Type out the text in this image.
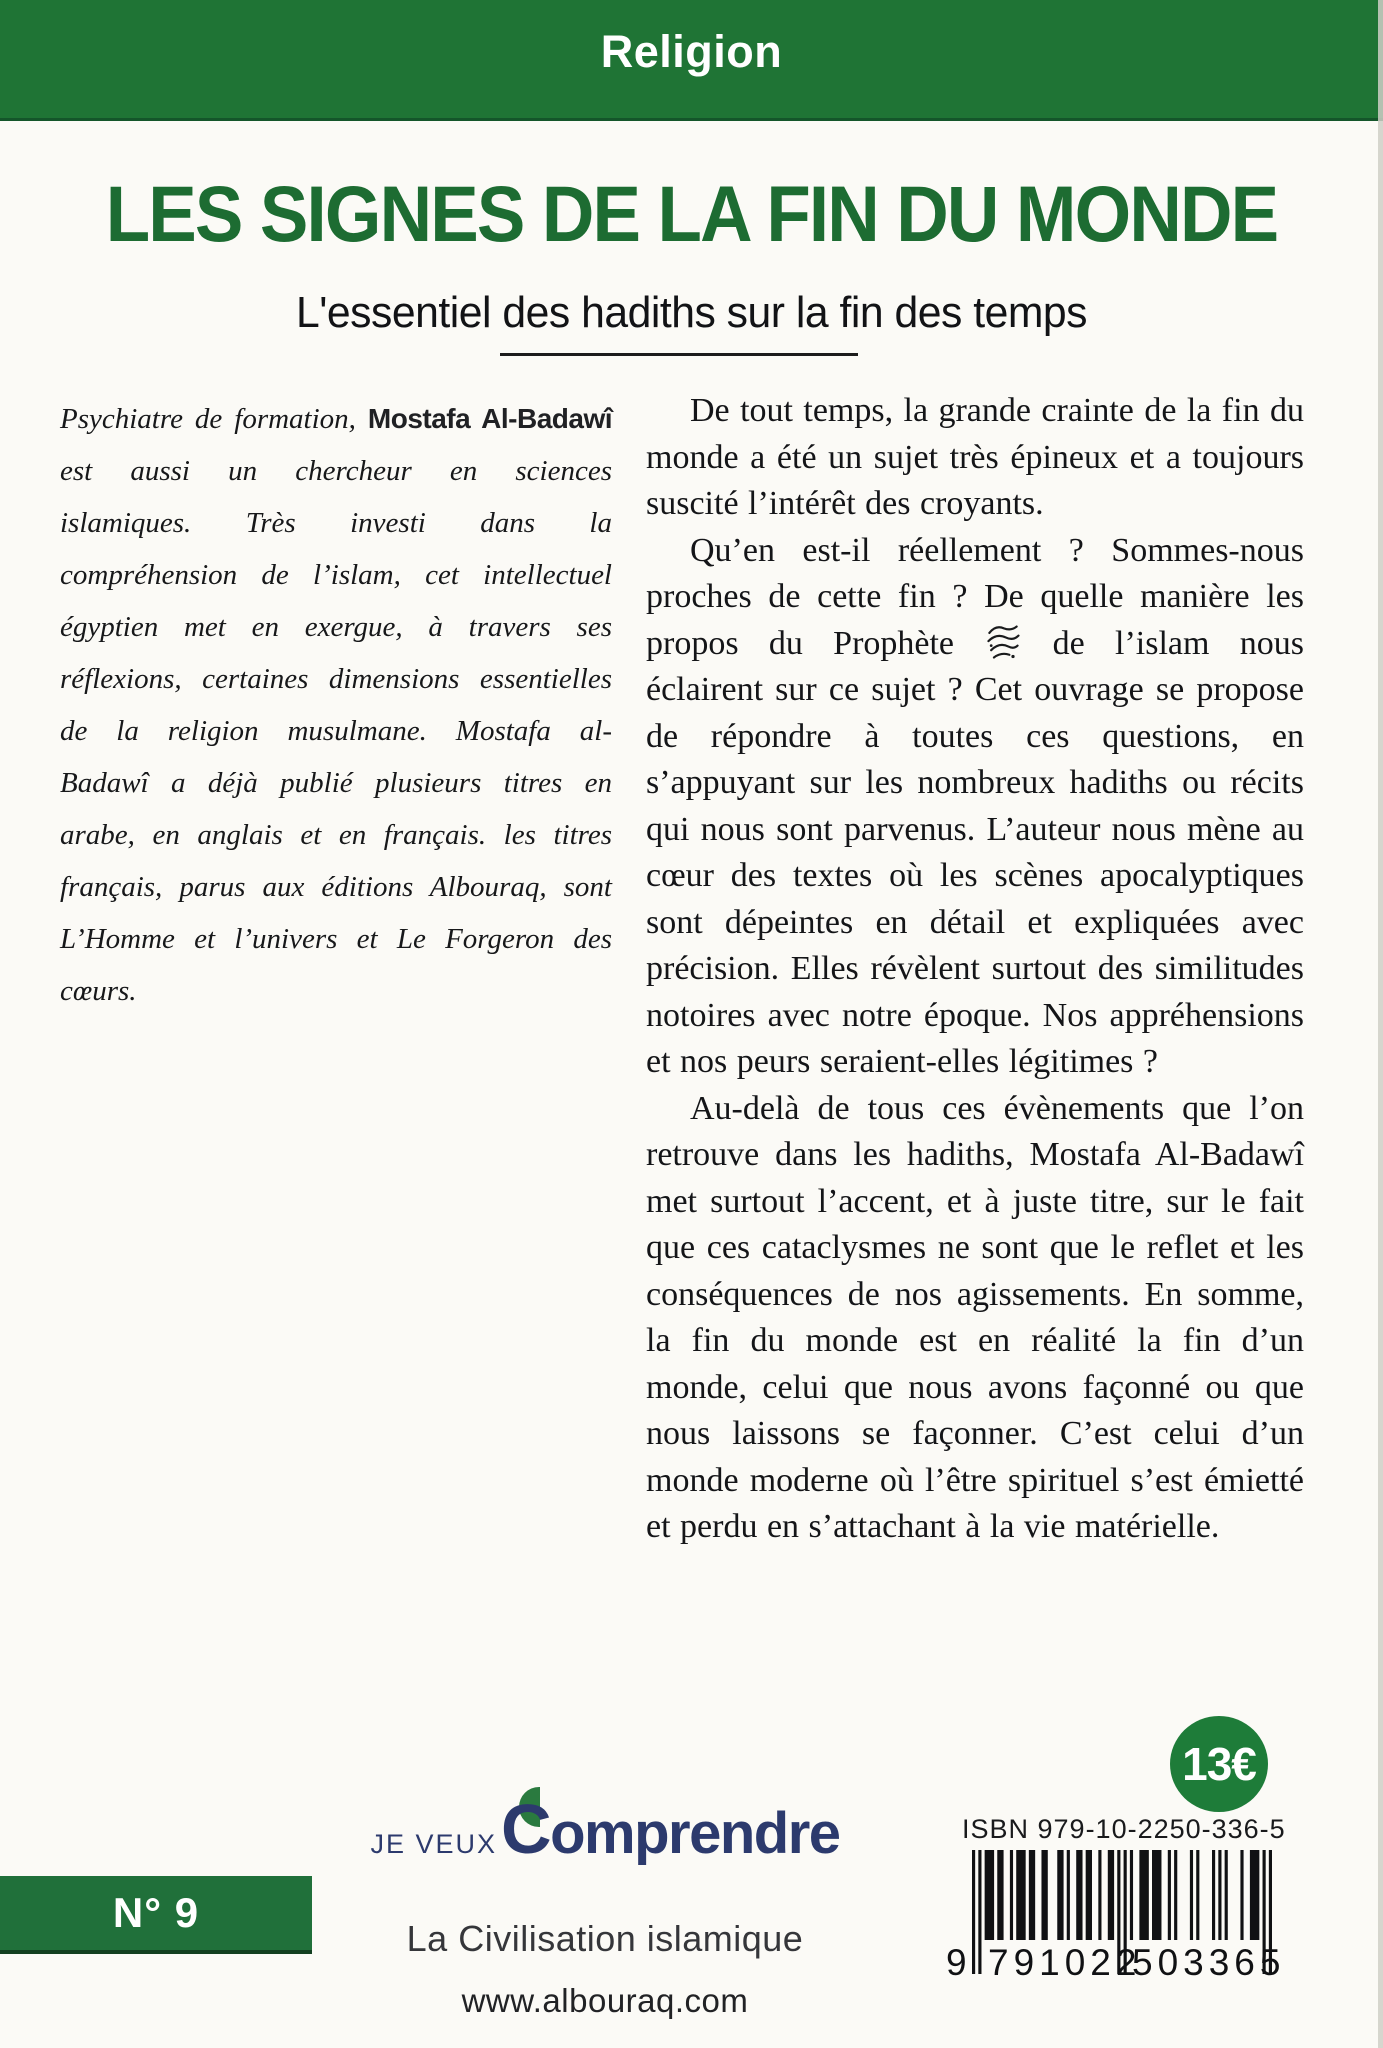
Religion
LES SIGNES DE LA FIN DU MONDE
L'essentiel des hadiths sur la fin des temps

Psychiatre de formation, Mostafa Al-Badawî est aussi un chercheur en sciences islamiques. Très investi dans la compréhension de l’islam, cet intellectuel égyptien met en exergue, à travers ses réflexions, certaines dimensions essentielles de la religion musulmane. Mostafa al-Badawî a déjà publié plusieurs titres en arabe, en anglais et en français. les titres français, parus aux éditions Albouraq, sont L’Homme et l’univers et Le Forgeron des cœurs.

De tout temps, la grande crainte de la fin du monde a été un sujet très épineux et a toujours suscité l’intérêt des croyants.

Qu’en est-il réellement ? Sommes-nous proches de cette fin ? De quelle manière les propos du Prophète  de l’islam nous éclairent sur ce sujet ? Cet ouvrage se propose de répondre à toutes ces questions, en s’appuyant sur les nombreux hadiths ou récits qui nous sont parvenus. L’auteur nous mène au cœur des textes où les scènes apocalyptiques sont dépeintes en détail et expliquées avec précision. Elles révèlent surtout des similitudes notoires avec notre époque. Nos appréhensions et nos peurs seraient-elles légitimes ?

Au-delà de tous ces évènements que l’on retrouve dans les hadiths, Mostafa Al-Badawî met surtout l’accent, et à juste titre, sur le fait que ces cataclysmes ne sont que le reflet et les conséquences de nos agissements. En somme, la fin du monde est en réalité la fin d’un monde, celui que nous avons façonné ou que nous laissons se façonner. C’est celui d’un monde moderne où l’être spirituel s’est émietté et perdu en s’attachant à la vie matérielle.

13€
JE VEUX Comprendre
N° 9
La Civilisation islamique
www.albouraq.com
ISBN 979-10-2250-336-5
9 791022
503365
